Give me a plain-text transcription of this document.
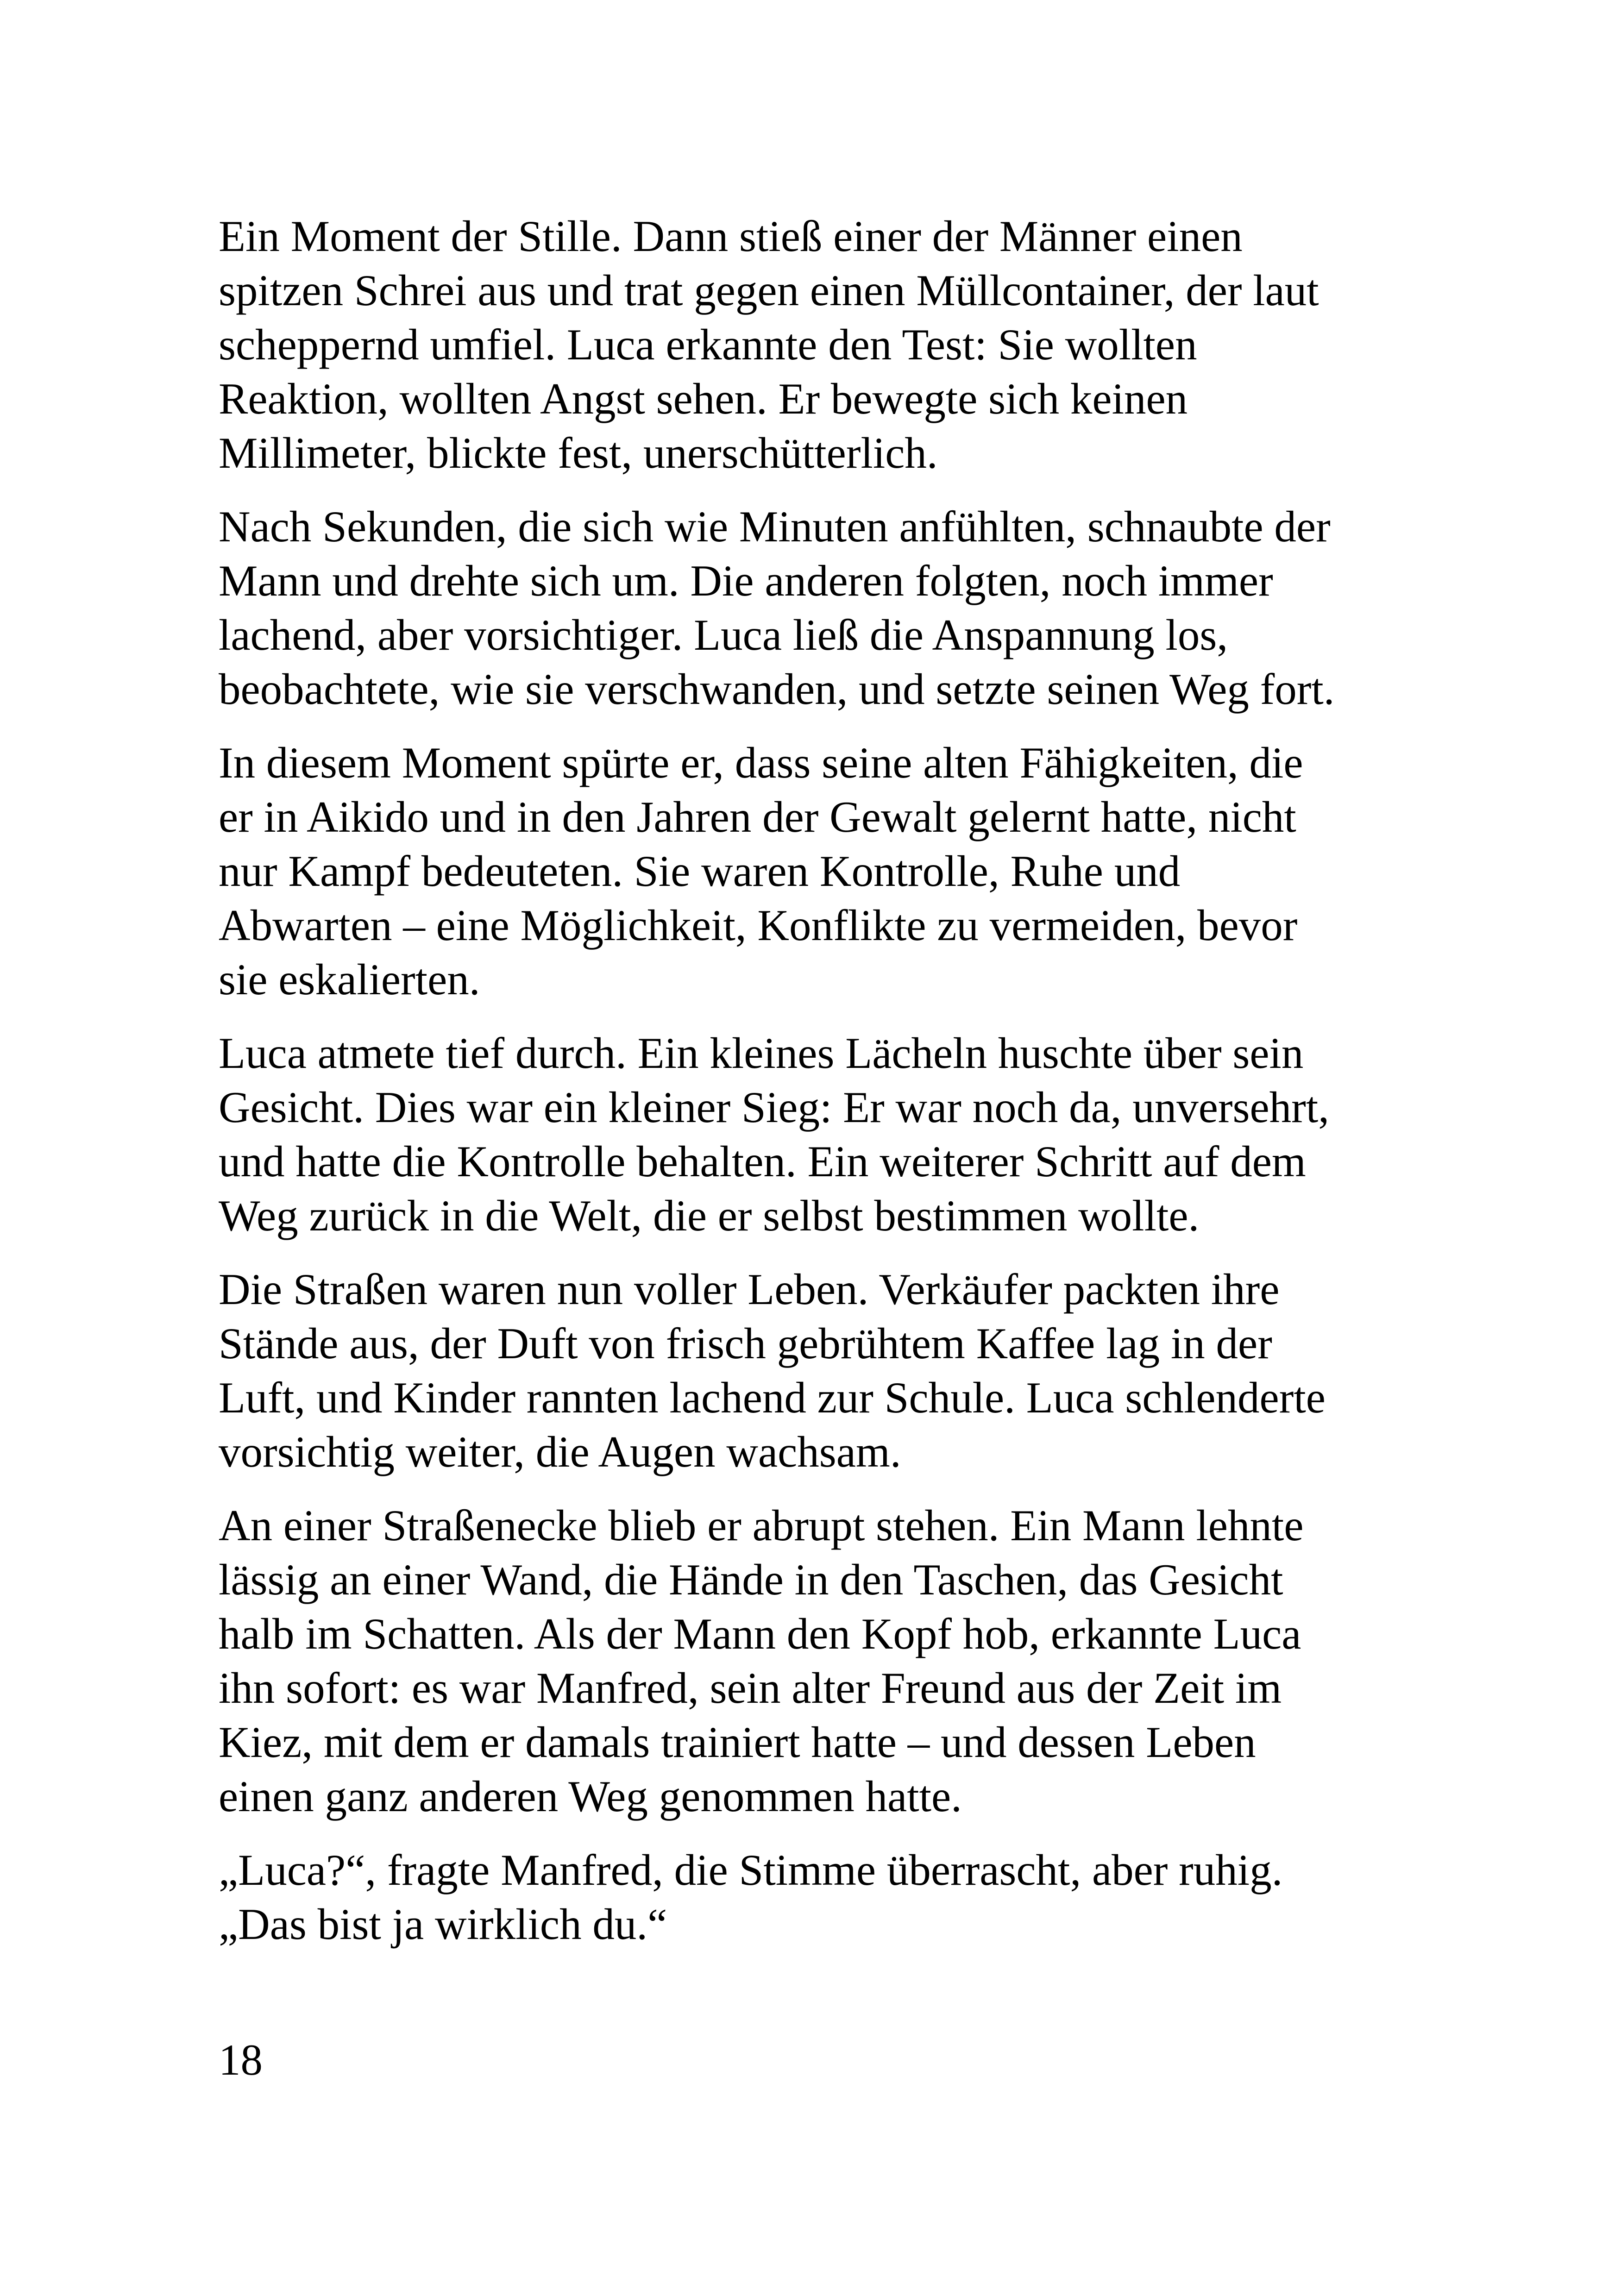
Ein Moment der Stille. Dann stieß einer der Männer einen
spitzen Schrei aus und trat gegen einen Müllcontainer, der laut
scheppernd umfiel. Luca erkannte den Test: Sie wollten
Reaktion, wollten Angst sehen. Er bewegte sich keinen
Millimeter, blickte fest, unerschütterlich.

Nach Sekunden, die sich wie Minuten anfühlten, schnaubte der
Mann und drehte sich um. Die anderen folgten, noch immer
lachend, aber vorsichtiger. Luca ließ die Anspannung los,
beobachtete, wie sie verschwanden, und setzte seinen Weg fort.

In diesem Moment spürte er, dass seine alten Fähigkeiten, die
er in Aikido und in den Jahren der Gewalt gelernt hatte, nicht
nur Kampf bedeuteten. Sie waren Kontrolle, Ruhe und
Abwarten – eine Möglichkeit, Konflikte zu vermeiden, bevor
sie eskalierten.

Luca atmete tief durch. Ein kleines Lächeln huschte über sein
Gesicht. Dies war ein kleiner Sieg: Er war noch da, unversehrt,
und hatte die Kontrolle behalten. Ein weiterer Schritt auf dem
Weg zurück in die Welt, die er selbst bestimmen wollte.

Die Straßen waren nun voller Leben. Verkäufer packten ihre
Stände aus, der Duft von frisch gebrühtem Kaffee lag in der
Luft, und Kinder rannten lachend zur Schule. Luca schlenderte
vorsichtig weiter, die Augen wachsam.

An einer Straßenecke blieb er abrupt stehen. Ein Mann lehnte
lässig an einer Wand, die Hände in den Taschen, das Gesicht
halb im Schatten. Als der Mann den Kopf hob, erkannte Luca
ihn sofort: es war Manfred, sein alter Freund aus der Zeit im
Kiez, mit dem er damals trainiert hatte – und dessen Leben
einen ganz anderen Weg genommen hatte.

„Luca?“, fragte Manfred, die Stimme überrascht, aber ruhig.
„Das bist ja wirklich du.“

18
